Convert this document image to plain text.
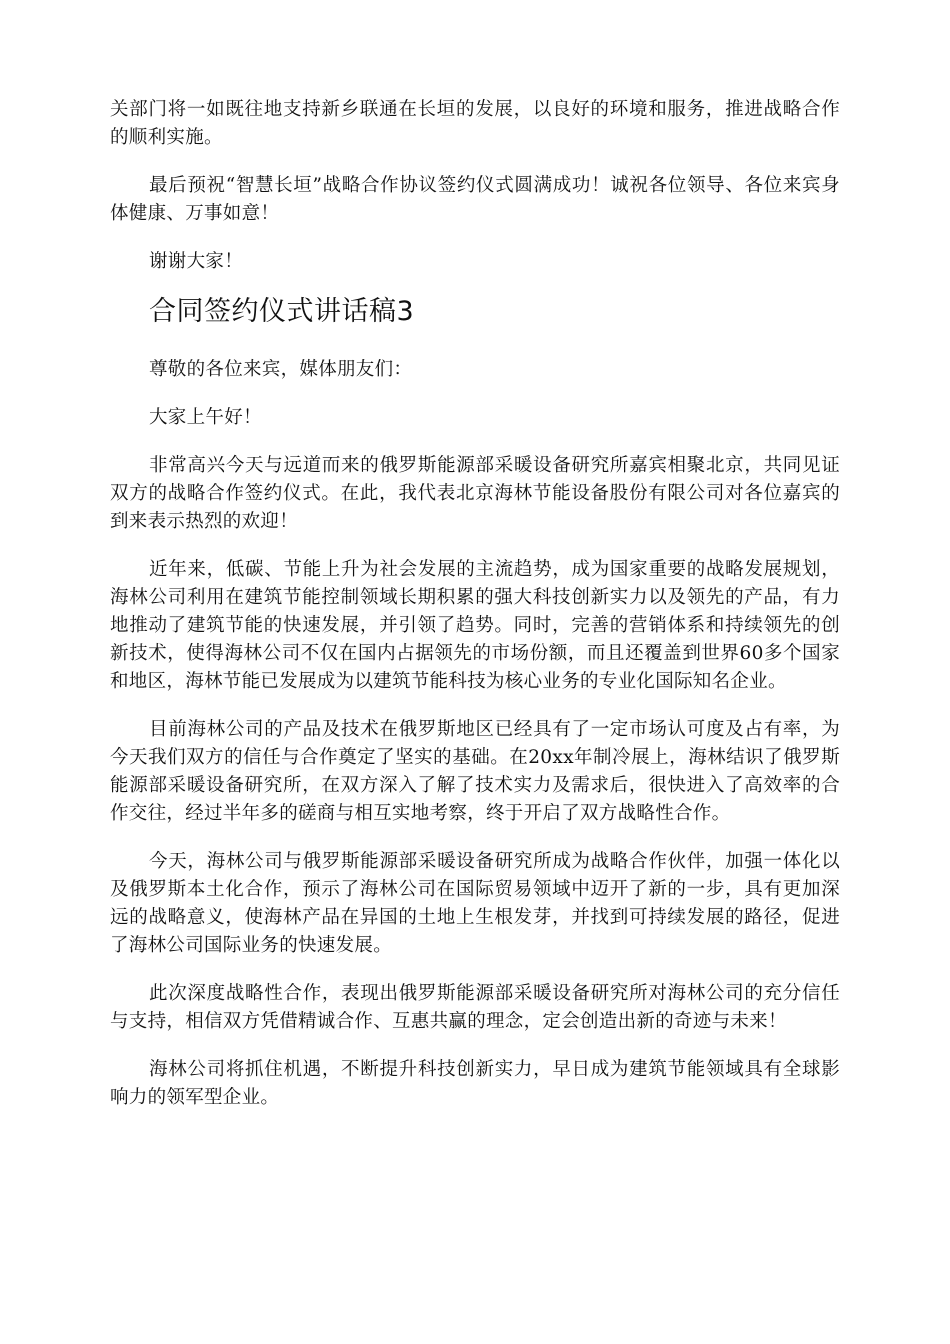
关部门将一如既往地支持新乡联通在长垣的发展，以良好的环境和服务，推进战略合作的顺利实施。

最后预祝“智慧长垣”战略合作协议签约仪式圆满成功！诚祝各位领导、各位来宾身体健康、万事如意！

谢谢大家！

合同签约仪式讲话稿3

尊敬的各位来宾，媒体朋友们：

大家上午好！

非常高兴今天与远道而来的俄罗斯能源部采暖设备研究所嘉宾相聚北京，共同见证双方的战略合作签约仪式。在此，我代表北京海林节能设备股份有限公司对各位嘉宾的到来表示热烈的欢迎！

近年来，低碳、节能上升为社会发展的主流趋势，成为国家重要的战略发展规划，海林公司利用在建筑节能控制领域长期积累的强大科技创新实力以及领先的产品，有力地推动了建筑节能的快速发展，并引领了趋势。同时，完善的营销体系和持续领先的创新技术，使得海林公司不仅在国内占据领先的市场份额，而且还覆盖到世界60多个国家和地区，海林节能已发展成为以建筑节能科技为核心业务的专业化国际知名企业。

目前海林公司的产品及技术在俄罗斯地区已经具有了一定市场认可度及占有率，为今天我们双方的信任与合作奠定了坚实的基础。在20xx年制冷展上，海林结识了俄罗斯能源部采暖设备研究所，在双方深入了解了技术实力及需求后，很快进入了高效率的合作交往，经过半年多的磋商与相互实地考察，终于开启了双方战略性合作。

今天，海林公司与俄罗斯能源部采暖设备研究所成为战略合作伙伴，加强一体化以及俄罗斯本土化合作，预示了海林公司在国际贸易领域中迈开了新的一步，具有更加深远的战略意义，使海林产品在异国的土地上生根发芽，并找到可持续发展的路径，促进了海林公司国际业务的快速发展。

此次深度战略性合作，表现出俄罗斯能源部采暖设备研究所对海林公司的充分信任与支持，相信双方凭借精诚合作、互惠共赢的理念，定会创造出新的奇迹与未来！

海林公司将抓住机遇，不断提升科技创新实力，早日成为建筑节能领域具有全球影响力的领军型企业。
